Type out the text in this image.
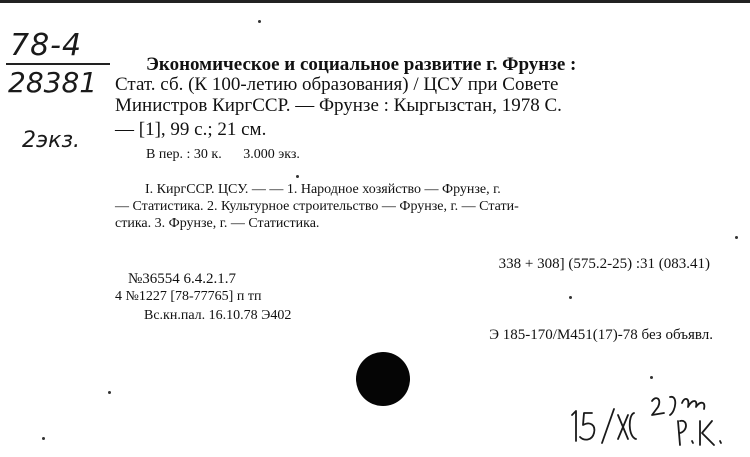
78-4
28381
2экз.
Экономическое и социальное развитие г. Фрунзе :
Стат. сб. (К 100-летию образования) / ЦСУ при Совете
Министров КиргССР. — Фрунзе : Кыргызстан, 1978 С.
— [1], 99 с.; 21 см.
В пер. : 30 к. 3.000 экз.

I. КиргССР. ЦСУ. — — 1. Народное хозяйство — Фрунзе, г.

— Статистика. 2. Культурное строительство — Фрунзе, г. — Стати-

стика. 3. Фрунзе, г. — Статистика.

338 + 308] (575.2-25) :31 (083.41)
№36554 6.4.2.1.7
4 №1227 [78-77765] п тп
Вс.кн.пал. 16.10.78 Э402
Э 185-170/М451(17)-78 без объявл.
